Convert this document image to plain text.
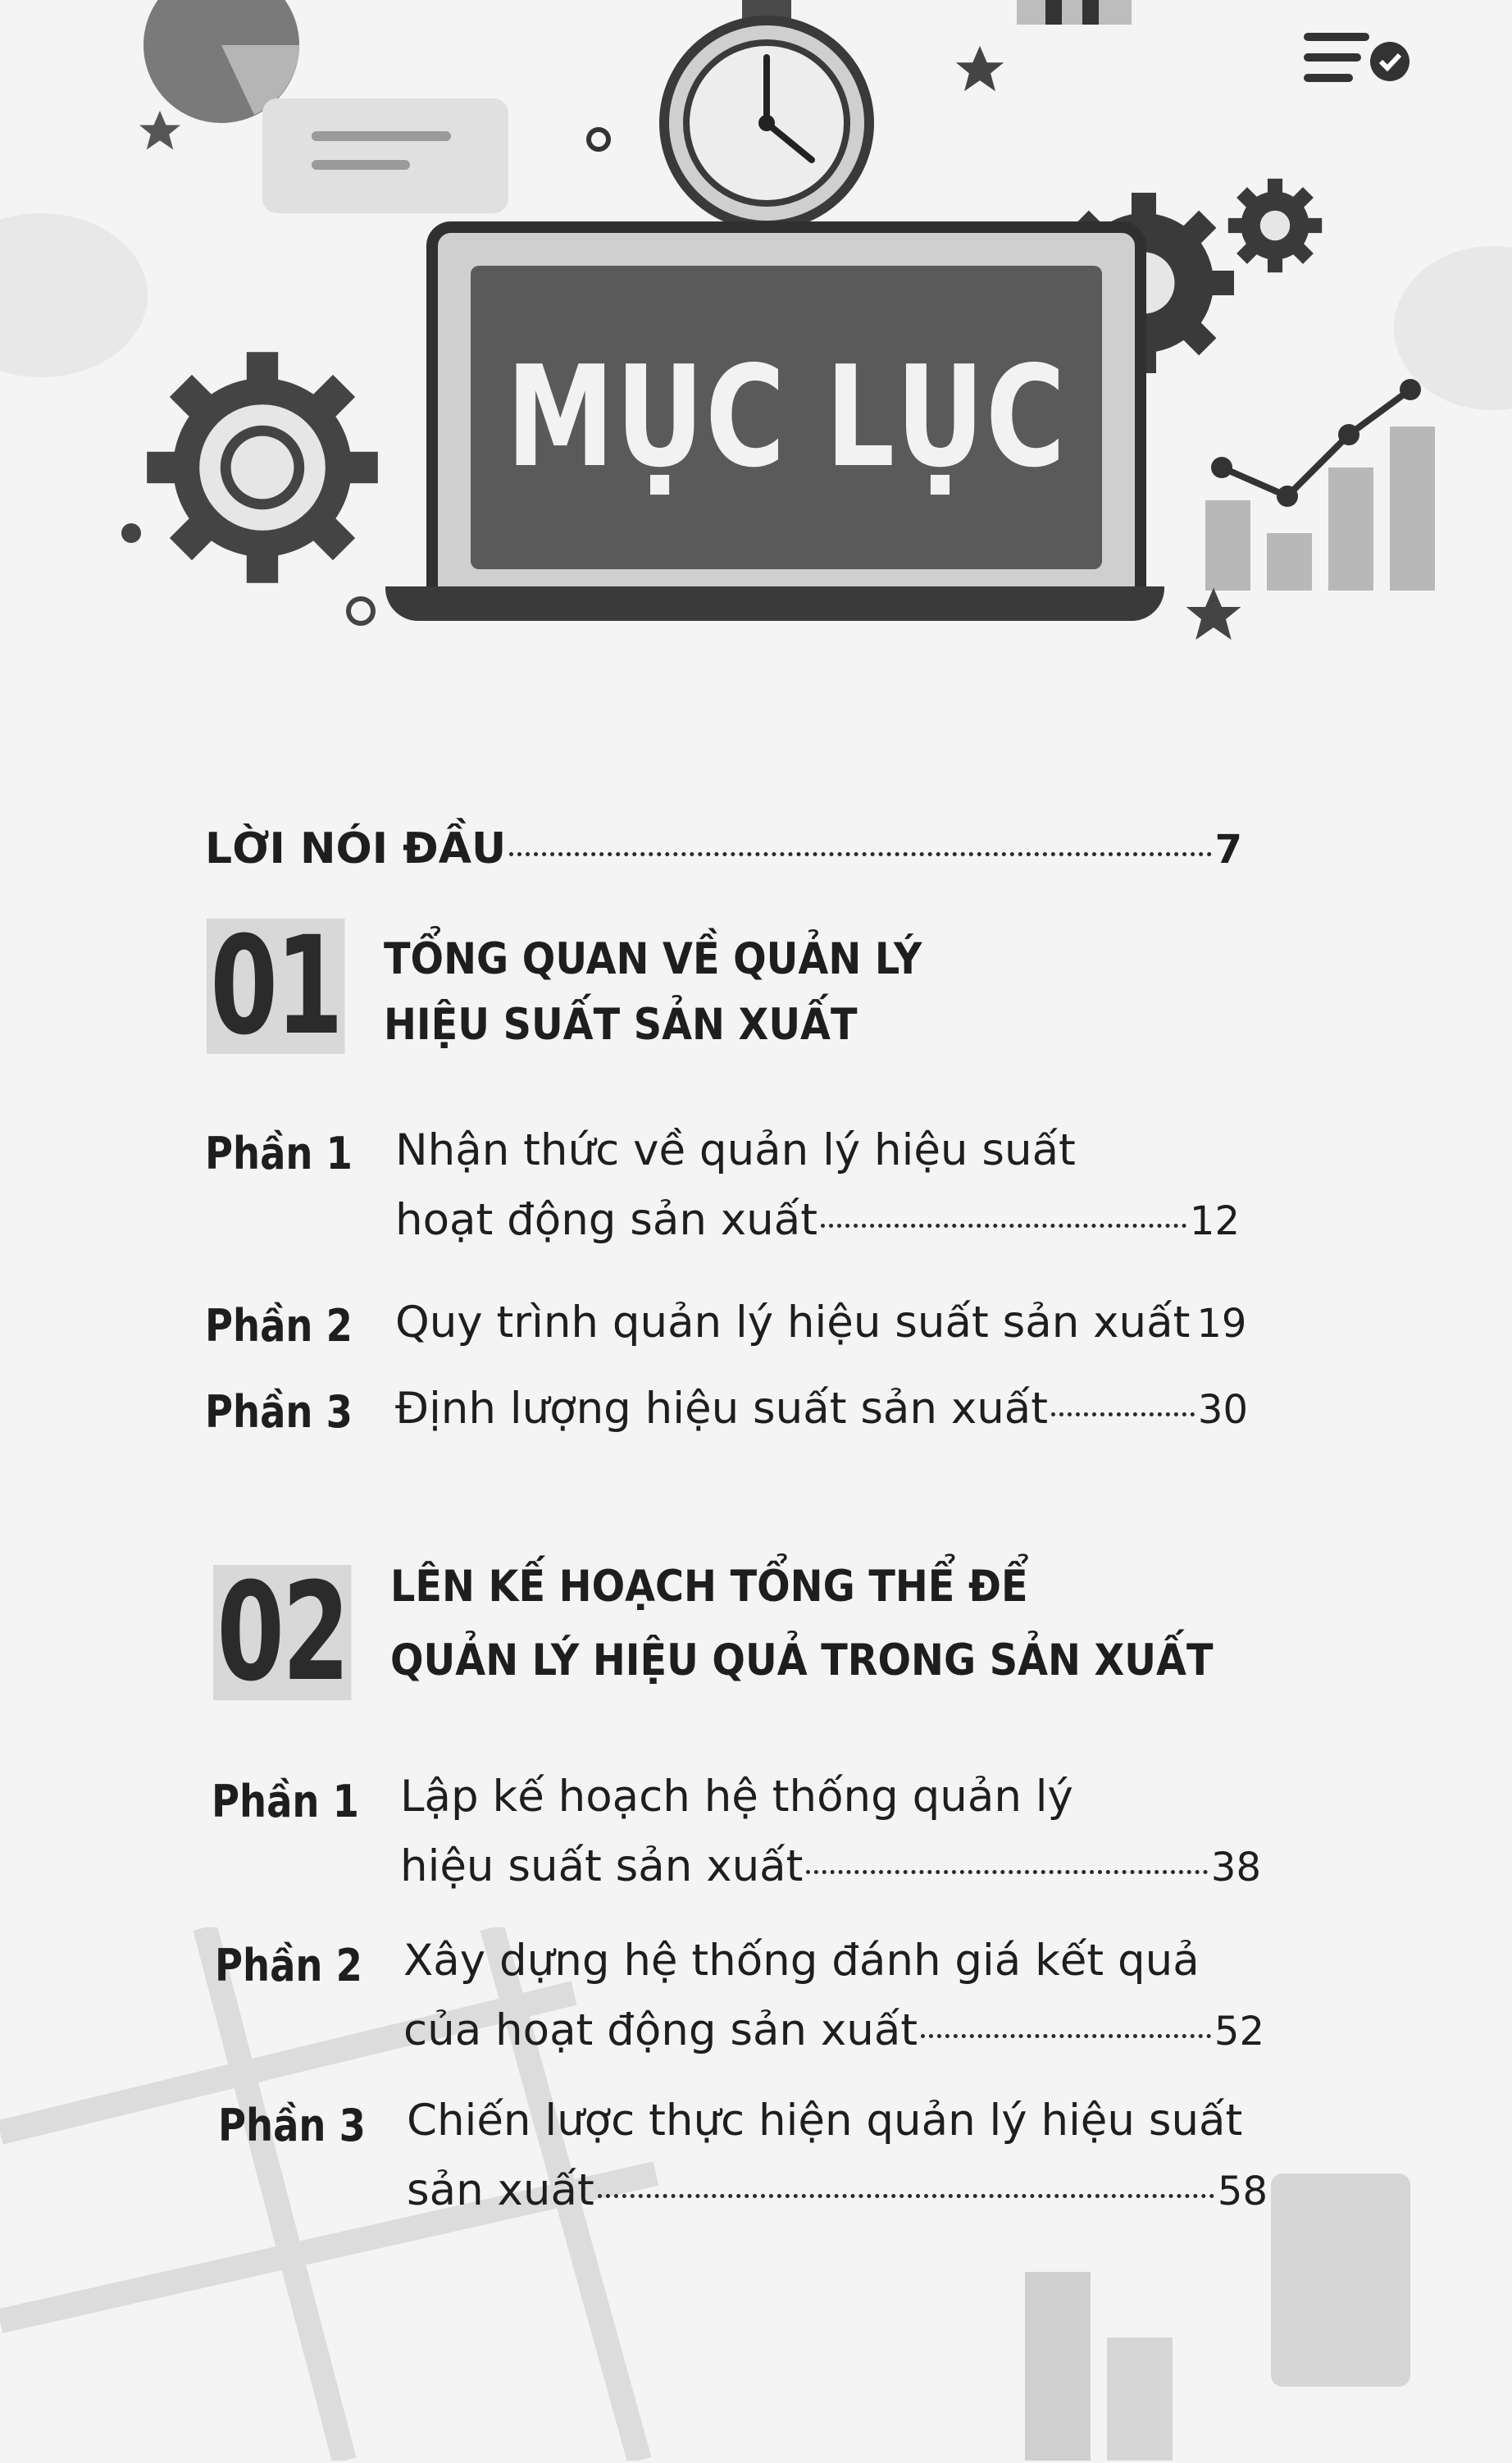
MỤC LỤC
LỜI NÓI ĐẦU	7
01 TỔNG QUAN VỀ QUẢN LÝ
HIỆU SUẤT SẢN XUẤT
Phần 1 Nhận thức về quản lý hiệu suất
hoạt động sản xuất	12
Phần 2 Quy trình quản lý hiệu suất sản xuất 19
Phần 3 Định lượng hiệu suất sản xuất	30
02 LÊN KẾ HOẠCH TỔNG THỂ ĐỂ
QUẢN LÝ HIỆU QUẢ TRONG SẢN XUẤT
Phần 1 Lập kế hoạch hệ thống quản lý
hiệu suất sản xuất	38
Phần 2 Xây dựng hệ thống đánh giá kết quả
của hoạt động sản xuất	52
Phần 3 Chiến lược thực hiện quản lý hiệu suất
sản xuất	58
